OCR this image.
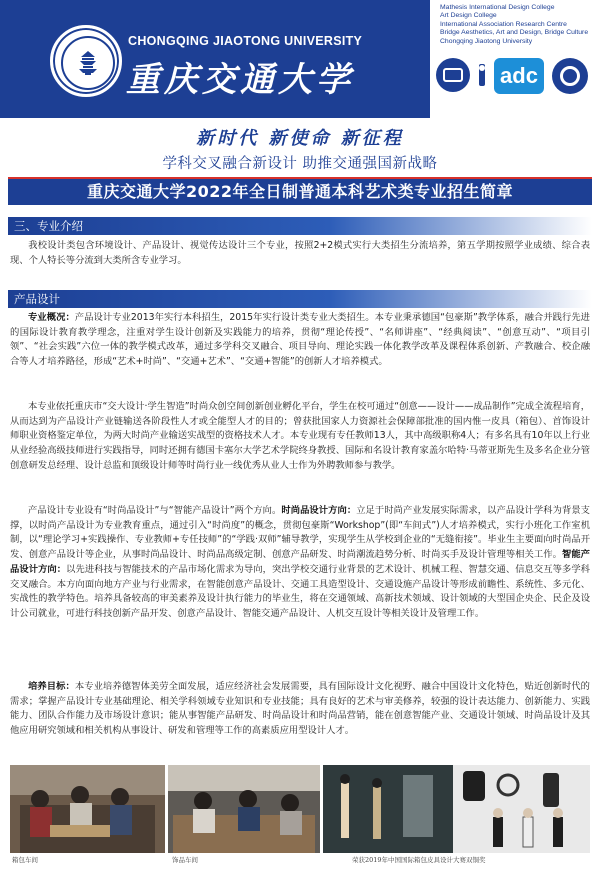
CHONGQING JIAOTONG UNIVERSITY
重庆交通大学
Mathesis International Design College
Art Design College
International Association Research Centre
Bridge Aesthetics, Art and Design, Bridge Culture
Chongqing Jiaotong University
adc
新时代 新使命 新征程
学科交叉融合新设计 助推交通强国新战略
重庆交通大学2022年全日制普通本科艺术类专业招生简章
三、专业介绍
我校设计类包含环境设计、产品设计、视觉传达设计三个专业，按照2+2模式实行大类招生分流培养，第五学期按照学业成绩、综合表现、个人特长等分流到大类所含专业学习。
产品设计
专业概况：产品设计专业2013年实行本科招生，2015年实行设计类专业大类招生。本专业秉承德国“包豪斯”教学体系，融合并践行先进的国际设计教育教学理念，注重对学生设计创新及实践能力的培养，贯彻“理论传授”、“名师讲座”、“经典阅读”、“创意互动”、“项目引领”、“社会实践”六位一体的教学模式改革，通过多学科交叉融合、项目导向、理论实践一体化教学改革及课程体系创新、产教融合、校企融合等人才培养路径，形成“艺术+时尚”、“交通+艺术”、“交通+智能”的创新人才培养模式。
本专业依托重庆市“交大设计·学生智造”时尚众创空间创新创业孵化平台，学生在校可通过“创意——设计——成品制作”完成全流程培育，从而达到为产品设计产业链输送各阶段性人才或全能型人才的目的；曾获批国家人力资源社会保障部批准的国内惟一皮具（箱包）、首饰设计师职业资格鉴定单位，为两大时尚产业输送实战型的资格技术人才。本专业现有专任教师13人，其中高级职称4人；有多名具有10年以上行业从业经验高级技师进行实践指导，同时还拥有德国卡塞尔大学艺术学院终身教授、国际和名设计教育家盖尔哈特·马蒂亚斯先生及多名企业分管创意研发总经理、设计总监和顶级设计师等时尚行业一线优秀从业人士作为外聘教师参与教学。
产品设计专业设有“时尚品设计”与“智能产品设计”两个方向。时尚品设计方向：立足于时尚产业发展实际需求，以产品设计学科为背景支撑，以时尚产品设计为专业教育重点，通过引入“时尚度”的概念，贯彻包豪斯“Workshop”(即“车间式”)人才培养模式，实行小班化工作室机制，以“理论学习+实践操作、专业教师+专任技师”的“学践·双师”辅导教学，实现学生从学校到企业的“无缝衔接”。毕业生主要面向时尚品开发、创意产品设计等企业，从事时尚品设计、时尚品高级定制、创意产品研发、时尚潮流趋势分析、时尚买手及设计管理等相关工作。智能产品设计方向：以先进科技与智能技术的产品市场化需求为导向，突出学校交通行业背景的艺术设计、机械工程、智慧交通、信息交互等多学科交叉融合。本方向面向地方产业与行业需求，在智能创意产品设计、交通工具造型设计、交通设施产品设计等形成前瞻性、系统性、多元化、实战性的教学特色。培养具备较高的审美素养及设计执行能力的毕业生，将在交通领域、高新技术领域、设计领域的大型国企央企、民企及设计公司就业，可进行科技创新产品开发、创意产品设计、智能交通产品设计、人机交互设计等相关设计及管理工作。
培养目标：本专业培养德智体美劳全面发展，适应经济社会发展需要，具有国际设计文化视野、融合中国设计文化特色，贴近创新时代的需求；掌握产品设计专业基础理论、相关学科领域专业知识和专业技能；具有良好的艺术与审美修养，较强的设计表达能力、创新能力、实践能力、团队合作能力及市场设计意识；能从事智能产品研发、时尚品设计和时尚品营销，能在创意智能产业、交通设计领域、时尚品设计及其他应用研究领域和相关机构从事设计、研发和管理等工作的高素质应用型设计人才。
箱包车间	饰品车间	荣获2019年中国国际箱包皮具设计大赛双铜奖
